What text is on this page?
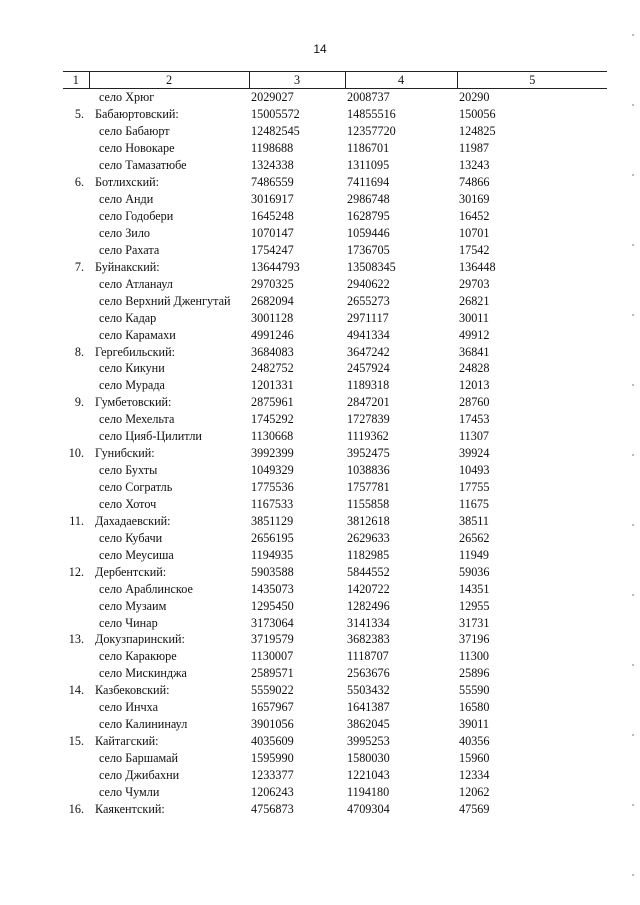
14
1	2	3	4	5
	село Хрюг	2029027	2008737	20290
5.	Бабаюртовский:	15005572	14855516	150056
	село Бабаюрт	12482545	12357720	124825
	село Новокаре	1198688	1186701	11987
	село Тамазатюбе	1324338	1311095	13243
6.	Ботлихский:	7486559	7411694	74866
	село Анди	3016917	2986748	30169
	село Годобери	1645248	1628795	16452
	село Зило	1070147	1059446	10701
	село Рахата	1754247	1736705	17542
7.	Буйнакский:	13644793	13508345	136448
	село Атланаул	2970325	2940622	29703
	село Верхний Дженгутай	2682094	2655273	26821
	село Кадар	3001128	2971117	30011
	село Карамахи	4991246	4941334	49912
8.	Гергебильский:	3684083	3647242	36841
	село Кикуни	2482752	2457924	24828
	село Мурада	1201331	1189318	12013
9.	Гумбетовский:	2875961	2847201	28760
	село Мехельта	1745292	1727839	17453
	село Цияб-Цилитли	1130668	1119362	11307
10.	Гунибский:	3992399	3952475	39924
	село Бухты	1049329	1038836	10493
	село Согратль	1775536	1757781	17755
	село Хоточ	1167533	1155858	11675
11.	Дахадаевский:	3851129	3812618	38511
	село Кубачи	2656195	2629633	26562
	село Меусиша	1194935	1182985	11949
12.	Дербентский:	5903588	5844552	59036
	село Араблинское	1435073	1420722	14351
	село Музаим	1295450	1282496	12955
	село Чинар	3173064	3141334	31731
13.	Докузпаринский:	3719579	3682383	37196
	село Каракюре	1130007	1118707	11300
	село Мискинджа	2589571	2563676	25896
14.	Казбековский:	5559022	5503432	55590
	село Инчха	1657967	1641387	16580
	село Калининаул	3901056	3862045	39011
15.	Кайтагский:	4035609	3995253	40356
	село Баршамай	1595990	1580030	15960
	село Джибахни	1233377	1221043	12334
	село Чумли	1206243	1194180	12062
16.	Каякентский:	4756873	4709304	47569
